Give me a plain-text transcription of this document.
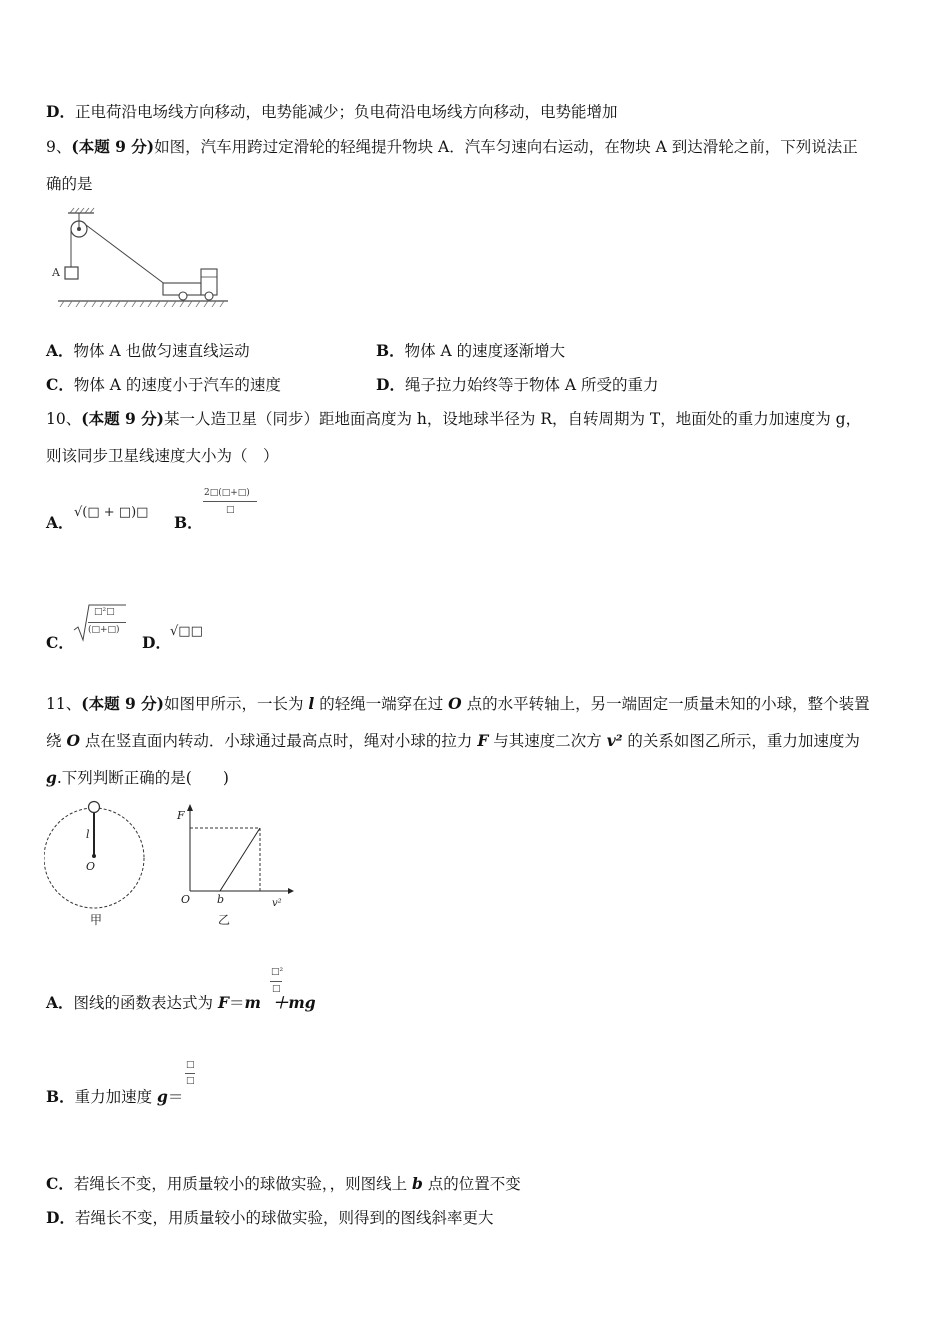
D．正电荷沿电场线方向移动，电势能减少；负电荷沿电场线方向移动，电势能增加
9、(本题 9 分)如图，汽车用跨过定滑轮的轻绳提升物块 A．汽车匀速向右运动，在物块 A 到达滑轮之前，下列说法正
确的是
A
A．物体 A 也做匀速直线运动	B．物体 A 的速度逐渐增大
C．物体 A 的速度小于汽车的速度	D．绳子拉力始终等于物体 A 所受的重力
10、(本题 9 分)某一人造卫星（同步）距地面高度为 h，设地球半径为 R，自转周期为 T，地面处的重力加速度为 g，
则该同步卫星线速度大小为（　）
A．
√(□ + □)□
B．
2□(□+□)
□
C．
□²□
(□+□)
D．
√□□
11、(本题 9 分)如图甲所示，一长为 l 的轻绳一端穿在过 O 点的水平转轴上，另一端固定一质量未知的小球，整个装置
绕 O 点在竖直面内转动．小球通过最高点时，绳对小球的拉力 F 与其速度二次方 v² 的关系如图乙所示，重力加速度为
g.下列判断正确的是(　　)
l
O
甲
F
O b	v²
乙
A．图线的函数表达式为 F＝m ＋mg
□²
□
B．重力加速度 g＝
□
□
C．若绳长不变，用质量较小的球做实验，，则图线上 b 点的位置不变
D．若绳长不变，用质量较小的球做实验，则得到的图线斜率更大
